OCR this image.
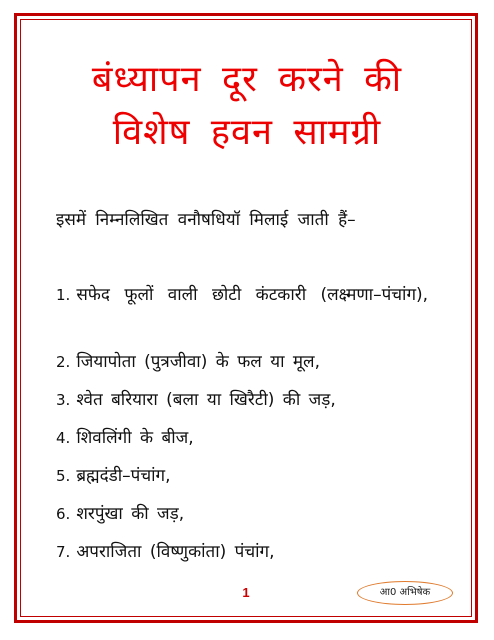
बंध्यापन दूर करने की
विशेष हवन सामग्री
इसमें निम्नलिखित वनौषधियॉ मिलाई जाती हैं–
1. सफेद फूलों वाली छोटी कंटकारी (लक्ष्मणा–पंचांग),
2. जियापोता (पुत्रजीवा) के फल या मूल,
3. श्वेत बरियारा (बला या खिरैटी) की जड़,
4. शिवलिंगी के बीज,
5. ब्रह्मदंडी–पंचांग,
6. शरपुंखा की जड़,
7. अपराजिता (विष्णुकांता) पंचांग,
1	आ0 अभिषेक
